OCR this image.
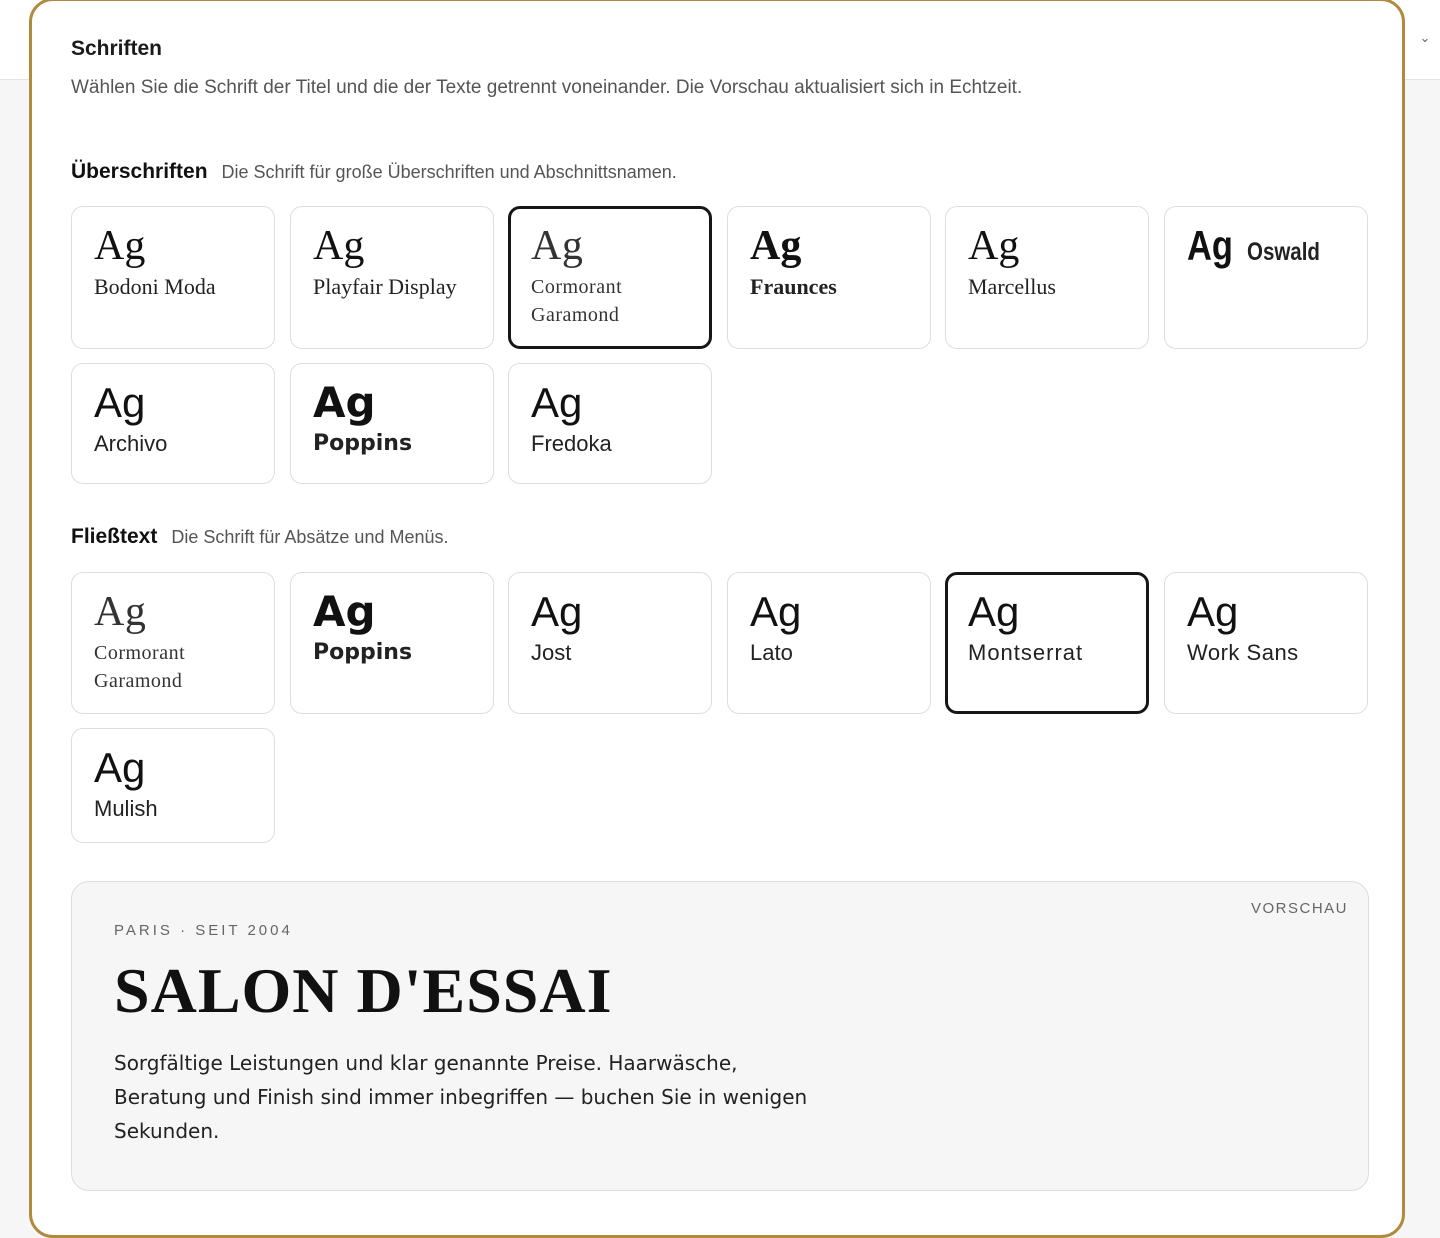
⌄
Schriften

Wählen Sie die Schrift der Titel und die der Texte getrennt voneinander. Die Vorschau aktualisiert sich in Echtzeit.

Überschriften Die Schrift für große Überschriften und Abschnittsnamen.
Ag
Bodoni Moda
Ag
Playfair Display
Ag
Cormorant Garamond
Ag
Fraunces
Ag
Marcellus
Ag Oswald
Ag
Archivo
Ag
Poppins
Ag
Fredoka
Fließtext Die Schrift für Absätze und Menüs.
Ag
Cormorant Garamond
Ag
Poppins
Ag
Jost
Ag
Lato
Ag
Montserrat
Ag
Work Sans
Ag
Mulish
VORSCHAU
PARIS · SEIT 2004
SALON D'ESSAI

Sorgfältige Leistungen und klar genannte Preise. Haarwäsche, Beratung und Finish sind immer inbegriffen — buchen Sie in wenigen Sekunden.
